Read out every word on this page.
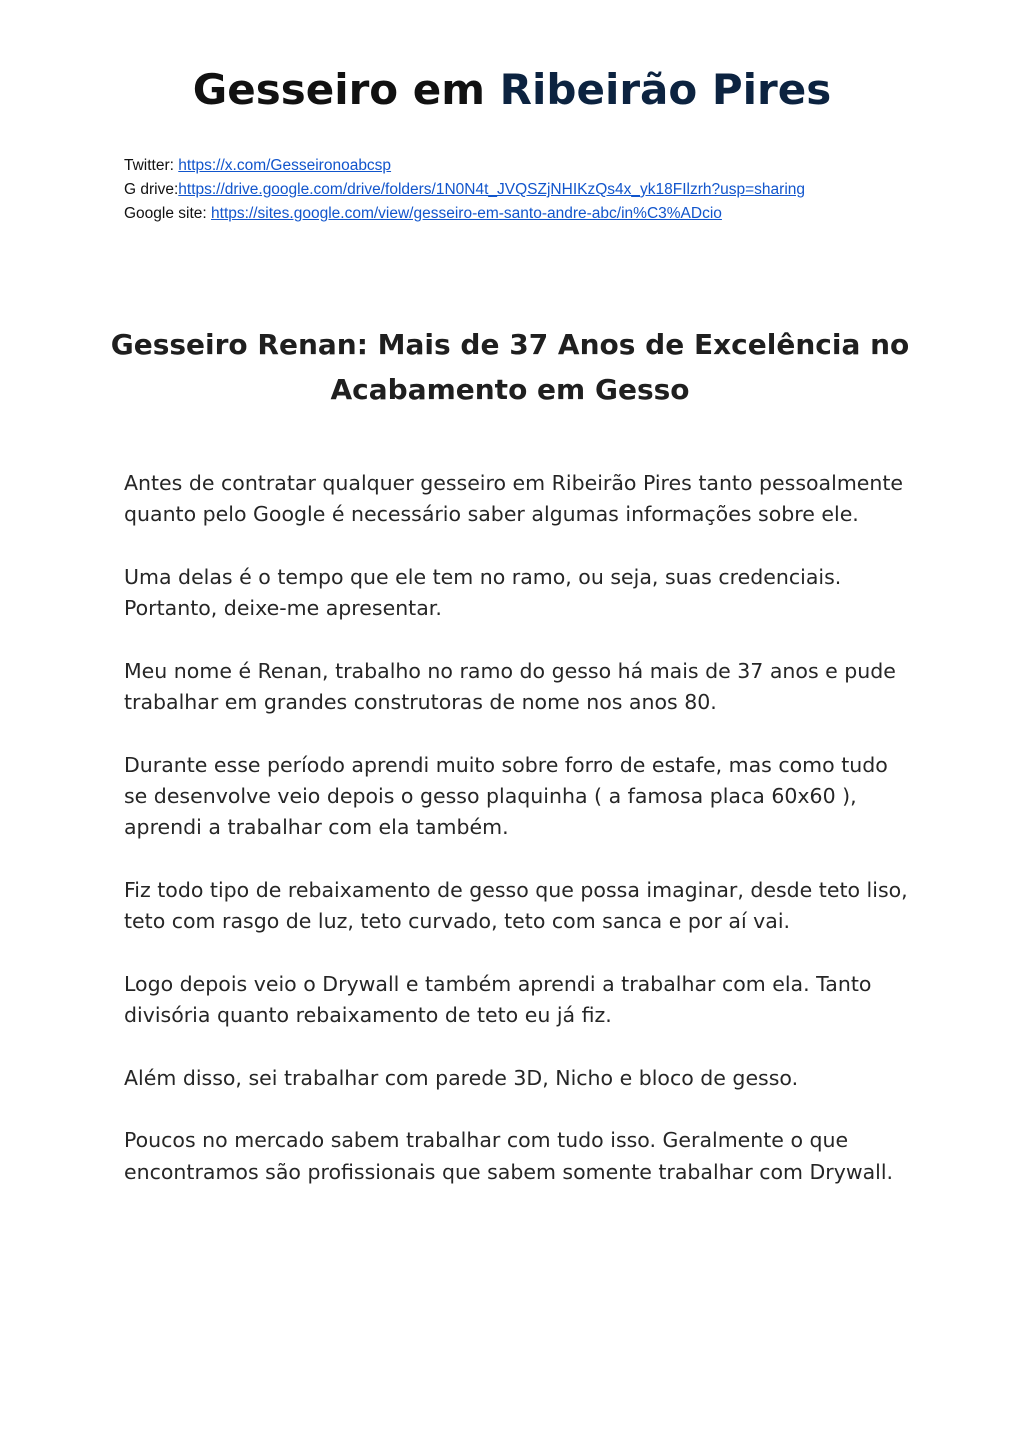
Gesseiro em Ribeirão Pires
Twitter: https://x.com/Gesseironoabcsp
G drive:https://drive.google.com/drive/folders/1N0N4t_JVQSZjNHIKzQs4x_yk18FIlzrh?usp=sharing
Google site: https://sites.google.com/view/gesseiro-em-santo-andre-abc/in%C3%ADcio
Gesseiro Renan: Mais de 37 Anos de Excelência no Acabamento em Gesso

Antes de contratar qualquer gesseiro em Ribeirão Pires tanto pessoalmente quanto pelo Google é necessário saber algumas informações sobre ele.

Uma delas é o tempo que ele tem no ramo, ou seja, suas credenciais. Portanto, deixe-me apresentar.

Meu nome é Renan, trabalho no ramo do gesso há mais de 37 anos e pude trabalhar em grandes construtoras de nome nos anos 80.

Durante esse período aprendi muito sobre forro de estafe, mas como tudo se desenvolve veio depois o gesso plaquinha ( a famosa placa 60x60 ), aprendi a trabalhar com ela também.

Fiz todo tipo de rebaixamento de gesso que possa imaginar, desde teto liso, teto com rasgo de luz, teto curvado, teto com sanca e por aí vai.

Logo depois veio o Drywall e também aprendi a trabalhar com ela. Tanto divisória quanto rebaixamento de teto eu já fiz.

Além disso, sei trabalhar com parede 3D, Nicho e bloco de gesso.

Poucos no mercado sabem trabalhar com tudo isso. Geralmente o que encontramos são profissionais que sabem somente trabalhar com Drywall.
